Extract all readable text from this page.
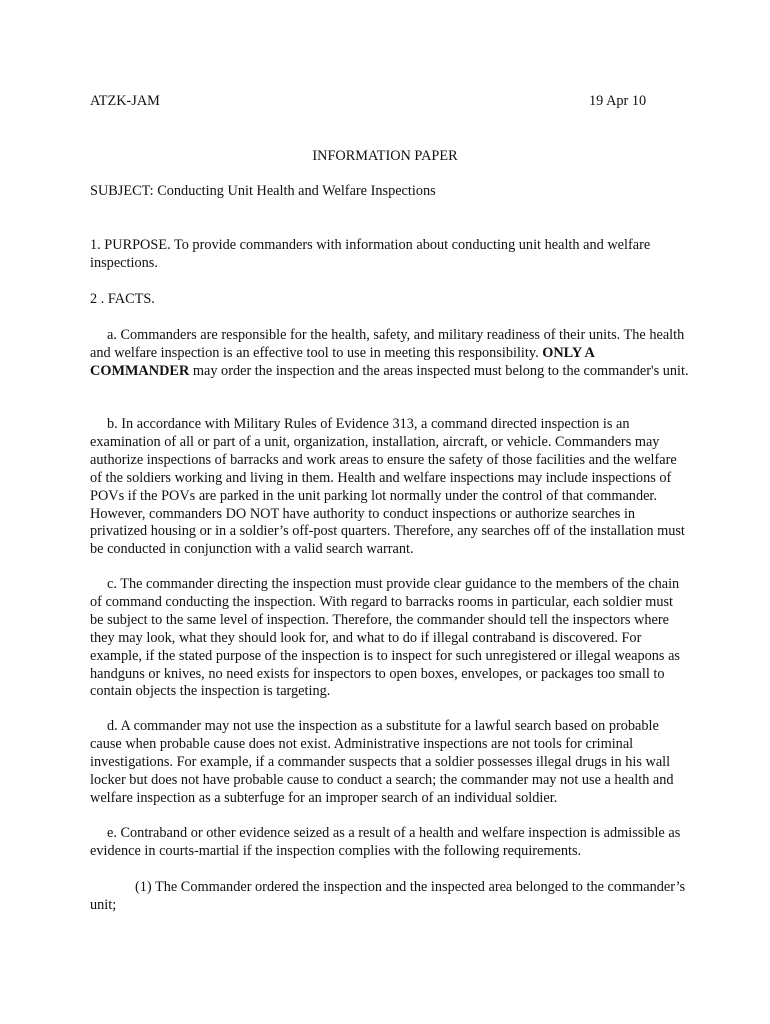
ATZK-JAM	19 Apr 10
INFORMATION PAPER
SUBJECT: Conducting Unit Health and Welfare Inspections

1. PURPOSE. To provide commanders with information about conducting unit health and welfare inspections.

2 . FACTS.

a. Commanders are responsible for the health, safety, and military readiness of their units. The health and welfare inspection is an effective tool to use in meeting this responsibility. ONLY A COMMANDER may order the inspection and the areas inspected must belong to the commander's unit.

b. In accordance with Military Rules of Evidence 313, a command directed inspection is an examination of all or part of a unit, organization, installation, aircraft, or vehicle. Commanders may authorize inspections of barracks and work areas to ensure the safety of those facilities and the welfare of the soldiers working and living in them. Health and welfare inspections may include inspections of POVs if the POVs are parked in the unit parking lot normally under the control of that commander. However, commanders DO NOT have authority to conduct inspections or authorize searches in privatized housing or in a soldier’s off-post quarters. Therefore, any searches off of the installation must be conducted in conjunction with a valid search warrant.

c. The commander directing the inspection must provide clear guidance to the members of the chain of command conducting the inspection. With regard to barracks rooms in particular, each soldier must be subject to the same level of inspection. Therefore, the commander should tell the inspectors where they may look, what they should look for, and what to do if illegal contraband is discovered. For example, if the stated purpose of the inspection is to inspect for such unregistered or illegal weapons as handguns or knives, no need exists for inspectors to open boxes, envelopes, or packages too small to contain objects the inspection is targeting.

d. A commander may not use the inspection as a substitute for a lawful search based on probable cause when probable cause does not exist. Administrative inspections are not tools for criminal investigations. For example, if a commander suspects that a soldier possesses illegal drugs in his wall locker but does not have probable cause to conduct a search; the commander may not use a health and welfare inspection as a subterfuge for an improper search of an individual soldier.

e. Contraband or other evidence seized as a result of a health and welfare inspection is admissible as evidence in courts-martial if the inspection complies with the following requirements.

(1) The Commander ordered the inspection and the inspected area belonged to the commander’s unit;
